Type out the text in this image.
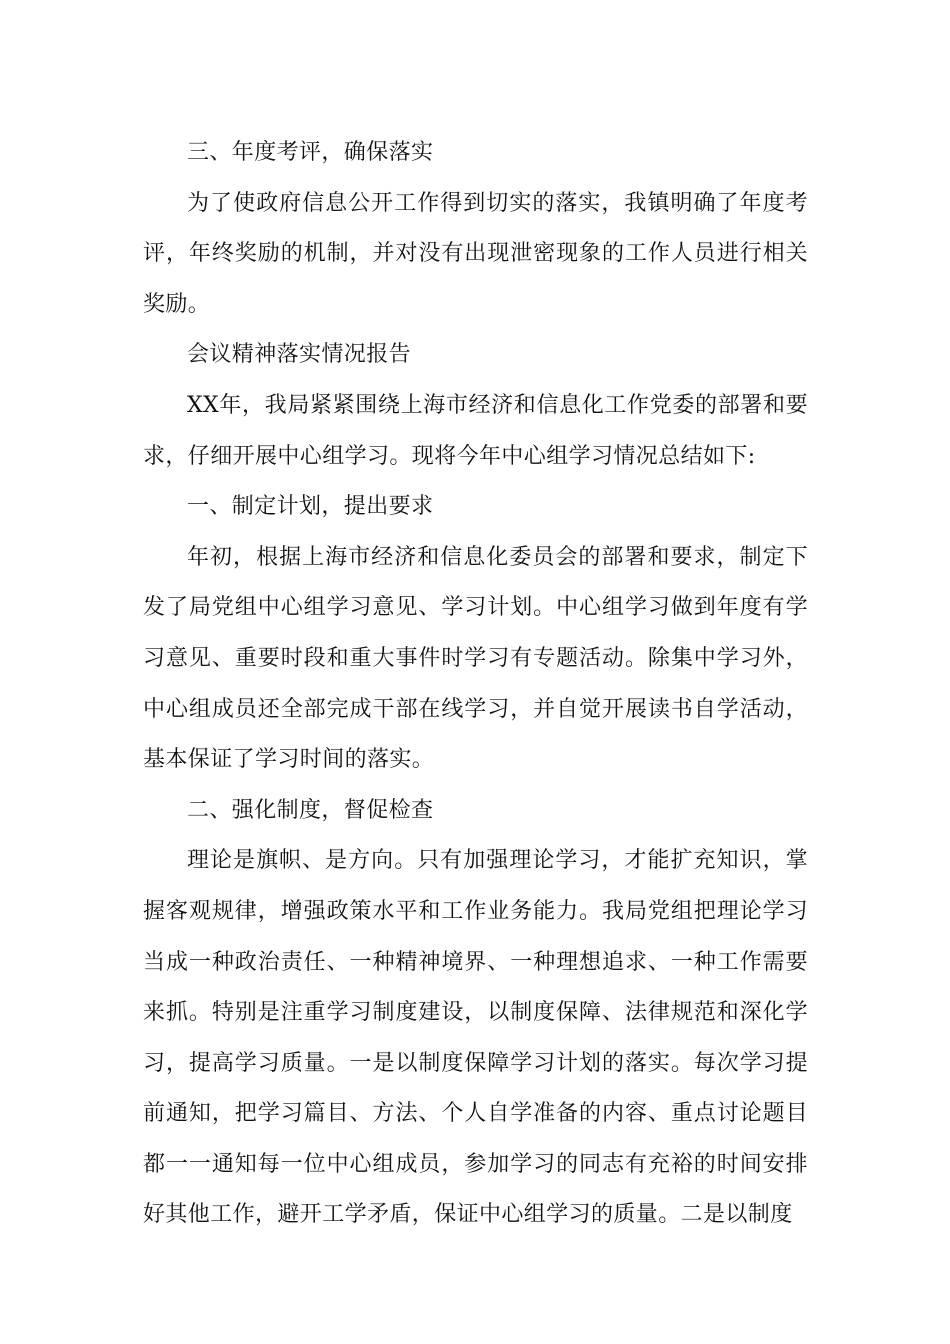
三、年度考评，确保落实

为了使政府信息公开工作得到切实的落实，我镇明确了年度考评，年终奖励的机制，并对没有出现泄密现象的工作人员进行相关奖励。

会议精神落实情况报告

XX年，我局紧紧围绕上海市经济和信息化工作党委的部署和要求，仔细开展中心组学习。现将今年中心组学习情况总结如下:

一、制定计划，提出要求

年初，根据上海市经济和信息化委员会的部署和要求，制定下发了局党组中心组学习意见、学习计划。中心组学习做到年度有学习意见、重要时段和重大事件时学习有专题活动。除集中学习外，中心组成员还全部完成干部在线学习，并自觉开展读书自学活动，基本保证了学习时间的落实。

二、强化制度，督促检查

理论是旗帜、是方向。只有加强理论学习，才能扩充知识，掌握客观规律，增强政策水平和工作业务能力。我局党组把理论学习当成一种政治责任、一种精神境界、一种理想追求、一种工作需要来抓。特别是注重学习制度建设，以制度保障、法律规范和深化学习，提高学习质量。一是以制度保障学习计划的落实。每次学习提前通知，把学习篇目、方法、个人自学准备的内容、重点讨论题目都一一通知每一位中心组成员，参加学习的同志有充裕的时间安排好其他工作，避开工学矛盾，保证中心组学习的质量。二是以制度
